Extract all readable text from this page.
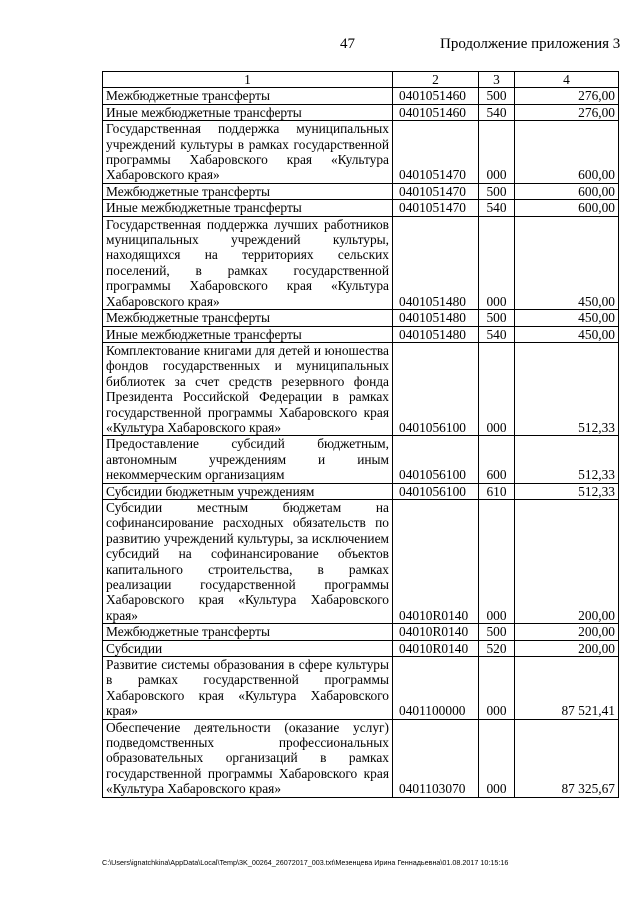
47	Продолжение приложения 3
1	2	3	4
Межбюджетные трансферты	0401051460	500	276,00
Иные межбюджетные трансферты	0401051460	540	276,00
Государственная поддержка муниципальных учреждений культуры в рамках государственной программы Хабаровского края «Культура Хабаровского края»	0401051470	000	600,00
Межбюджетные трансферты	0401051470	500	600,00
Иные межбюджетные трансферты	0401051470	540	600,00
Государственная поддержка лучших работников муниципальных учреждений культуры, находящихся на территориях сельских поселений, в рамках государственной программы Хабаровского края «Культура Хабаровского края»	0401051480	000	450,00
Межбюджетные трансферты	0401051480	500	450,00
Иные межбюджетные трансферты	0401051480	540	450,00
Комплектование книгами для детей и юношества фондов государственных и муниципальных библиотек за счет средств резервного фонда Президента Российской Федерации в рамках государственной программы Хабаровского края «Культура Хабаровского края»	0401056100	000	512,33
Предоставление субсидий бюджетным, автономным учреждениям и иным некоммерческим организациям	0401056100	600	512,33
Субсидии бюджетным учреждениям	0401056100	610	512,33
Субсидии местным бюджетам на софинансирование расходных обязательств по развитию учреждений культуры, за исключением субсидий на софинансирование объектов капитального строительства, в рамках реализации государственной программы Хабаровского края «Культура Хабаровского края»	04010R0140	000	200,00
Межбюджетные трансферты	04010R0140	500	200,00
Субсидии	04010R0140	520	200,00
Развитие системы образования в сфере культуры в рамках государственной программы Хабаровского края «Культура Хабаровского края»	0401100000	000	87 521,41
Обеспечение деятельности (оказание услуг) подведомственных профессиональных образовательных организаций в рамках государственной программы Хабаровского края «Культура Хабаровского края»	0401103070	000	87 325,67
C:\Users\ignatchkina\AppData\Local\Temp\3K_00264_26072017_003.txt\Мезенцева Ирина Геннадьевна\01.08.2017 10:15:16
